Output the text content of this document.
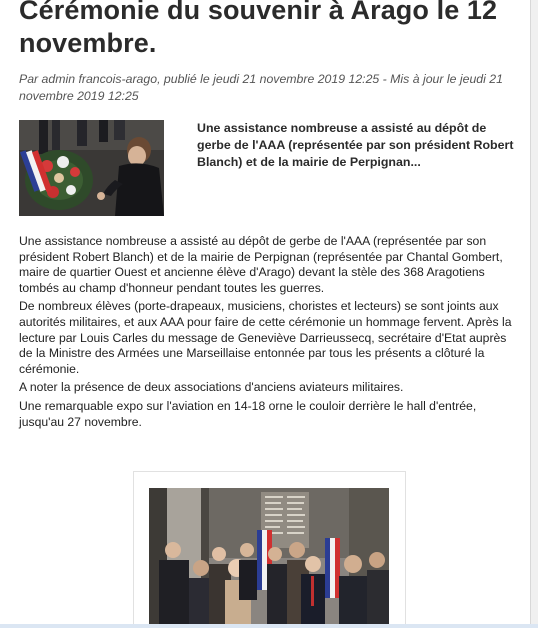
Cérémonie du souvenir à Arago le 12 novembre.
Par admin francois-arago, publié le jeudi 21 novembre 2019 12:25 - Mis à jour le jeudi 21 novembre 2019 12:25
Une assistance nombreuse a assisté au dépôt de gerbe de l'AAA (représentée par son président Robert Blanch) et de la mairie de Perpignan...

Une assistance nombreuse a assisté au dépôt de gerbe de l'AAA (représentée par son président Robert Blanch) et de la mairie de Perpignan (représentée par Chantal Gombert, maire de quartier Ouest et ancienne élève d'Arago) devant la stèle des 368 Aragotiens tombés au champ d'honneur pendant toutes les guerres.

De nombreux élèves (porte-drapeaux, musiciens, choristes et lecteurs) se sont joints aux autorités militaires, et aux AAA pour faire de cette cérémonie un hommage fervent. Après la lecture par Louis Carles du message de Geneviève Darrieussecq, secrétaire d'Etat auprès de la Ministre des Armées une Marseillaise entonnée par tous les présents a clôturé la cérémonie.

A noter la présence de deux associations d'anciens aviateurs militaires.

Une remarquable expo sur l'aviation en 14-18 orne le couloir derrière le hall d'entrée, jusqu'au 27 novembre.
